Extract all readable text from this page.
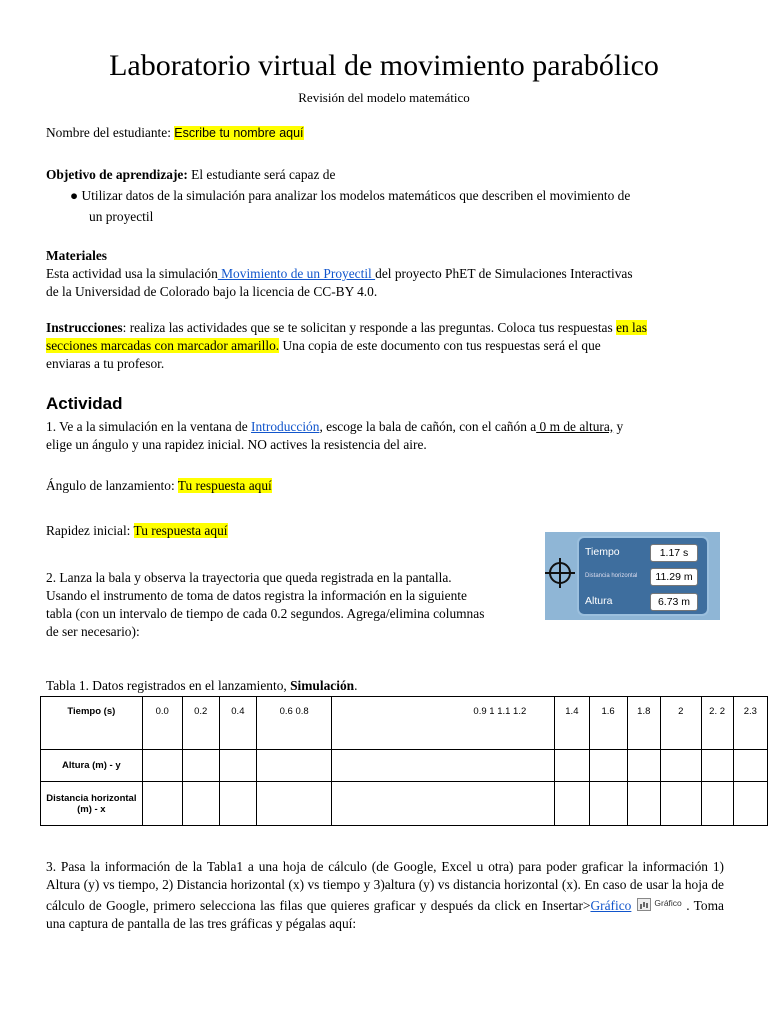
Laboratorio virtual de movimiento parabólico
Revisión del modelo matemático
Nombre del estudiante: Escribe tu nombre aquí
Objetivo de aprendizaje: El estudiante será capaz de
● Utilizar datos de la simulación para analizar los modelos matemáticos que describen el movimiento de
un proyectil
Materiales
Esta actividad usa la simulación Movimiento de un Proyectil del proyecto PhET de Simulaciones Interactivas
de la Universidad de Colorado bajo la licencia de CC-BY 4.0.
Instrucciones: realiza las actividades que se te solicitan y responde a las preguntas. Coloca tus respuestas en las
secciones marcadas con marcador amarillo. Una copia de este documento con tus respuestas será el que
enviaras a tu profesor.
Actividad
1. Ve a la simulación en la ventana de Introducción, escoge la bala de cañón, con el cañón a 0 m de altura, y
elige un ángulo y una rapidez inicial. NO actives la resistencia del aire.
Ángulo de lanzamiento: Tu respuesta aquí
Rapidez inicial: Tu respuesta aquí
Tiempo	1.17 s
Distancia horizontal	11.29 m
Altura	6.73 m
2. Lanza la bala y observa la trayectoria que queda registrada en la pantalla.
Usando el instrumento de toma de datos registra la información en la siguiente
tabla (con un intervalo de tiempo de cada 0.2 segundos. Agrega/elimina columnas
de ser necesario):
Tabla 1. Datos registrados en el lanzamiento, Simulación.
Tiempo (s)	0.0	0.2	0.4	0.6 0.8	0.9 1 1.1 1.2	1.4	1.6	1.8	2	2. 2	2.3
Altura (m) - y											
Distancia horizontal (m) - x											
3. Pasa la información de la Tabla1 a una hoja de cálculo (de Google, Excel u otra) para poder graficar la información 1) Altura (y) vs tiempo, 2) Distancia horizontal (x) vs tiempo y 3)altura (y) vs distancia horizontal (x). En caso de usar la hoja de cálculo de Google, primero selecciona las filas que quieres graficar y después da click en Insertar>Gráfico	$^{Gráfico}$ . Toma una captura de pantalla de las tres gráficas y pégalas aquí:
